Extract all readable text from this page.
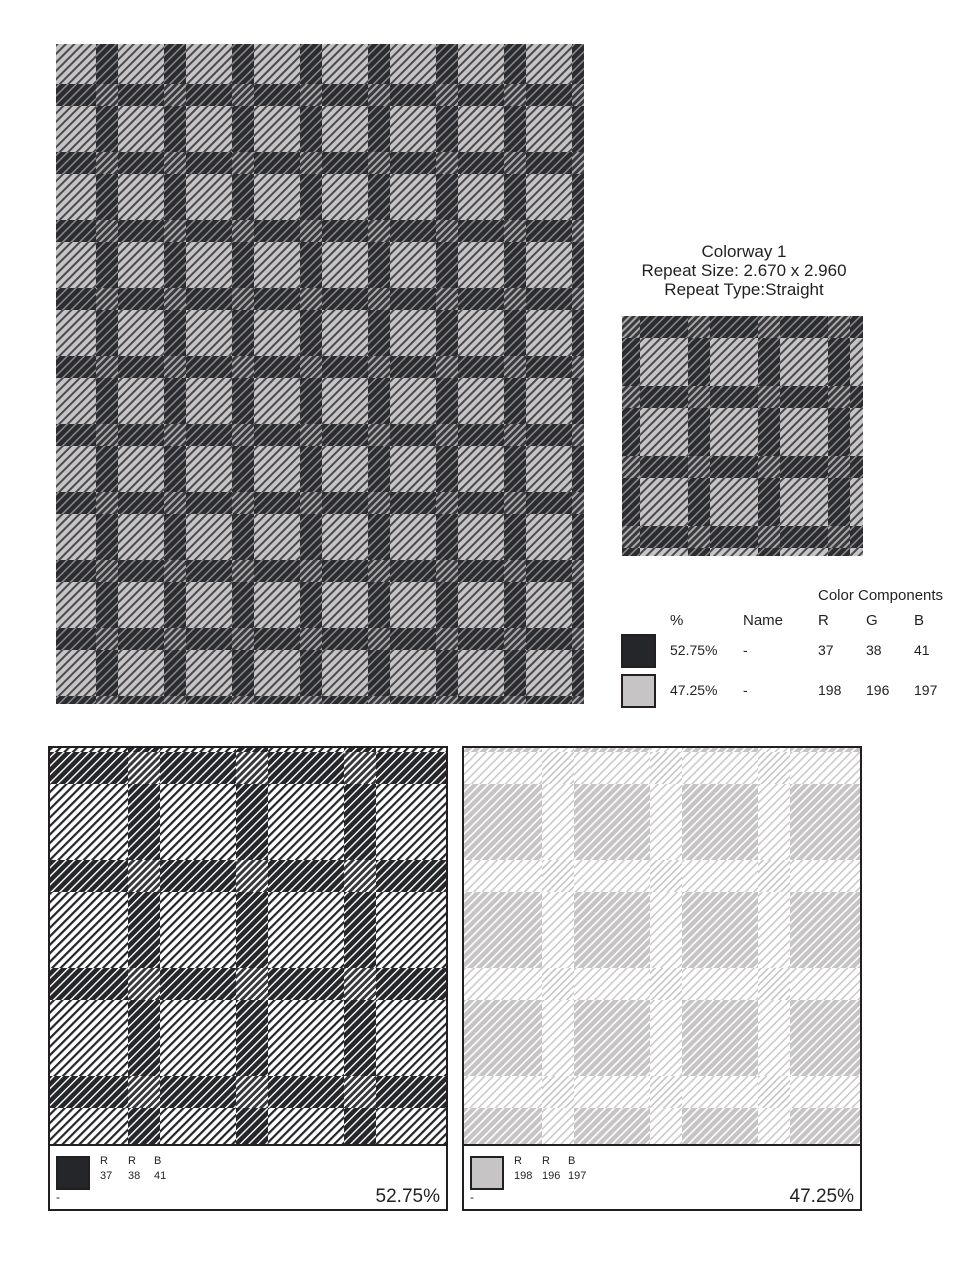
Colorway 1
Repeat Size: 2.670 x 2.960
Repeat Type:Straight
Color Components
%	Name R G B
52.75% -	37 38 41
47.25% -	198 196 197
R R B
37 38 41
-	52.75%
R R B
198 196 197
-	47.25%
